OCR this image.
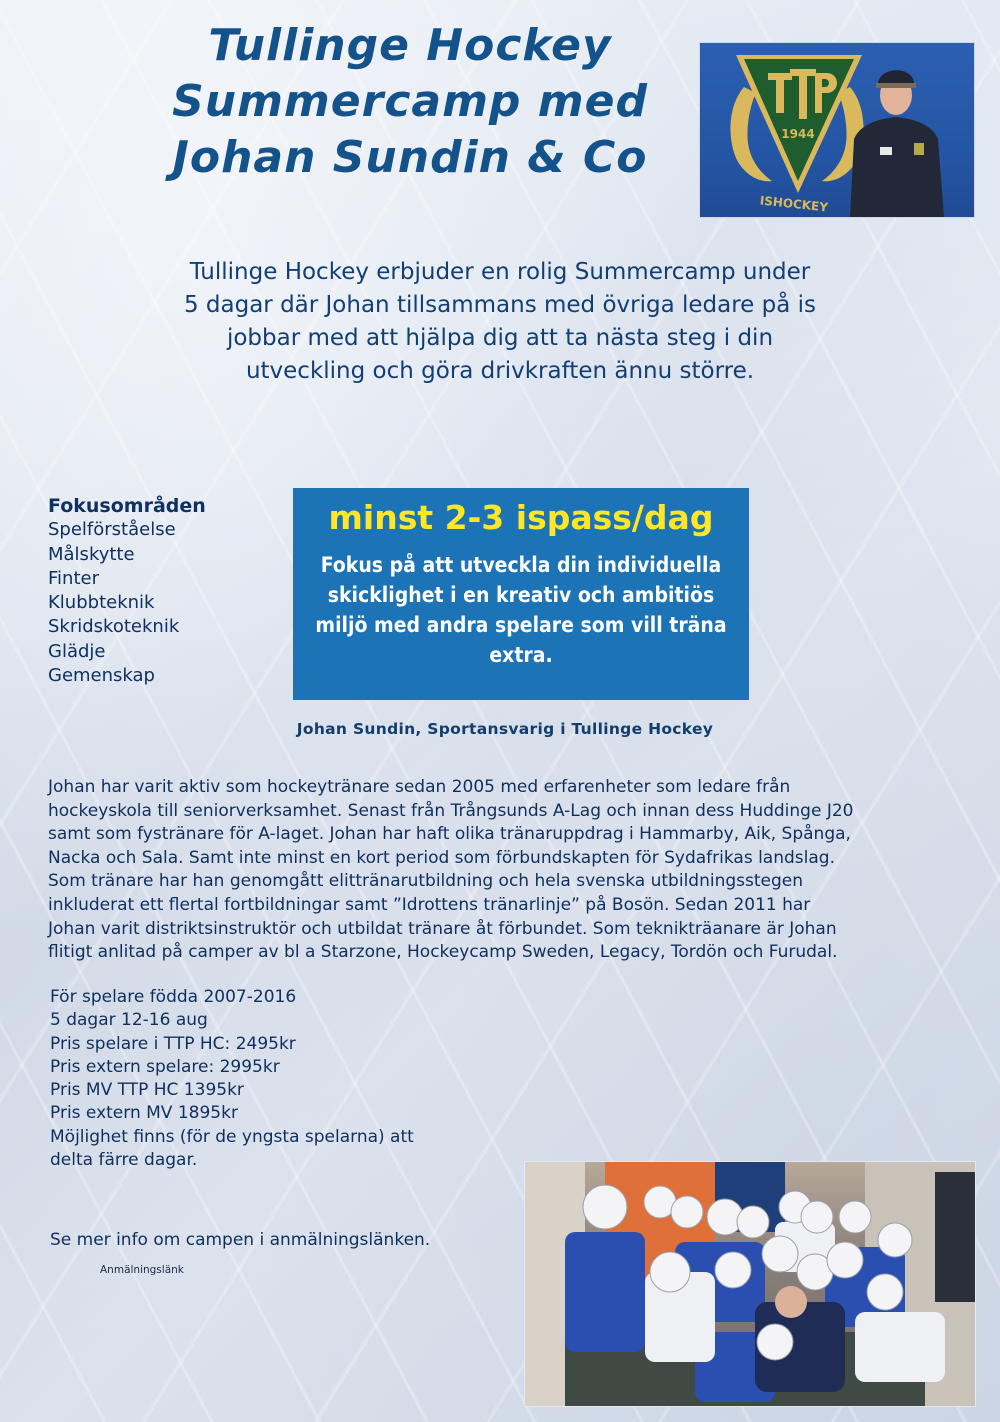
Tullinge Hockey
Summercamp med
Johan Sundin & Co	1944
ISHOCKEY
Tullinge Hockey erbjuder en rolig Summercamp under
5 dagar där Johan tillsammans med övriga ledare på is
jobbar med att hjälpa dig att ta nästa steg i din
utveckling och göra drivkraften ännu större.
Fokusområden
Spelförståelse
Målskytte
Finter
Klubbteknik
Skridskoteknik
Glädje
Gemenskap
minst 2-3 ispass/dag
Fokus på att utveckla din individuella
skicklighet i en kreativ och ambitiös
miljö med andra spelare som vill träna
extra.
Johan Sundin, Sportansvarig i Tullinge Hockey
Johan har varit aktiv som hockeytränare sedan 2005 med erfarenheter som ledare från
hockeyskola till seniorverksamhet. Senast från Trångsunds A-Lag och innan dess Huddinge J20
samt som fystränare för A-laget. Johan har haft olika tränaruppdrag i Hammarby, Aik, Spånga,
Nacka och Sala. Samt inte minst en kort period som förbundskapten för Sydafrikas landslag.
Som tränare har han genomgått elittränarutbildning och hela svenska utbildningsstegen
inkluderat ett flertal fortbildningar samt ”Idrottens tränarlinje” på Bosön. Sedan 2011 har
Johan varit distriktsinstruktör och utbildat tränare åt förbundet. Som teknikträanare är Johan
flitigt anlitad på camper av bl a Starzone, Hockeycamp Sweden, Legacy, Tordön och Furudal.
För spelare födda 2007-2016
5 dagar 12-16 aug
Pris spelare i TTP HC: 2495kr
Pris extern spelare: 2995kr
Pris MV TTP HC 1395kr
Pris extern MV 1895kr
Möjlighet finns (för de yngsta spelarna) att
delta färre dagar.
Se mer info om campen i anmälningslänken.
Anmälningslänk
